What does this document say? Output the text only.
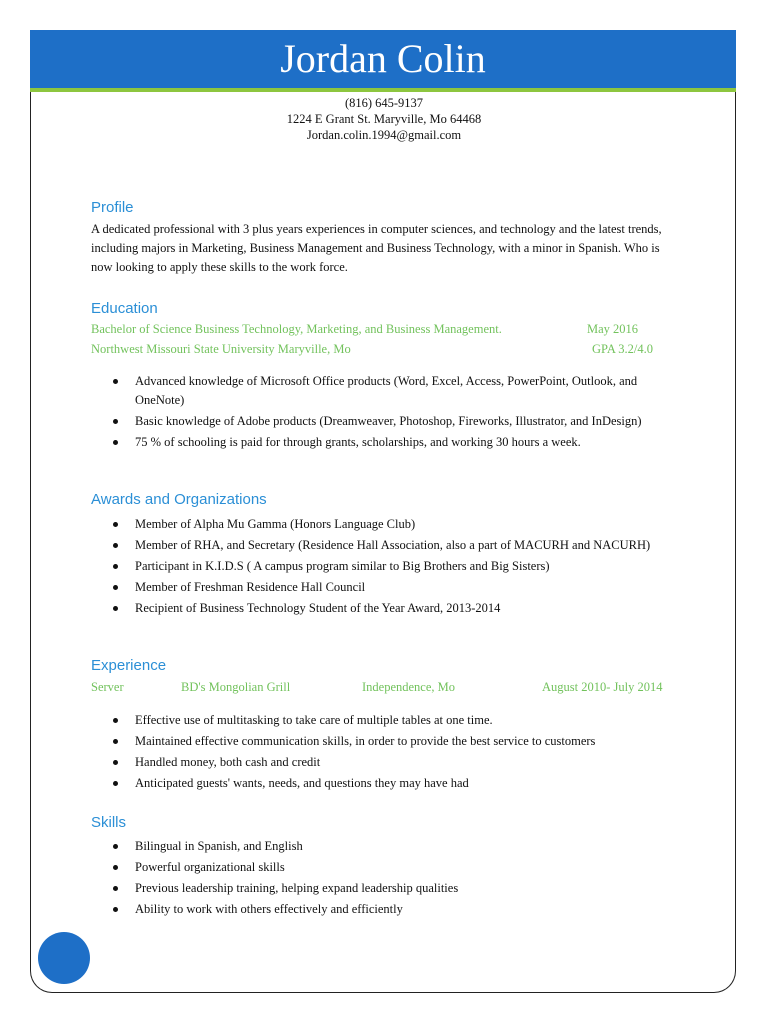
Jordan Colin
(816) 645-9137
1224 E Grant St. Maryville, Mo 64468
Jordan.colin.1994@gmail.com
Profile
A dedicated professional with 3 plus years experiences in computer sciences, and technology and the latest trends, including majors in Marketing, Business Management and Business Technology, with a minor in Spanish. Who is now looking to apply these skills to the work force.
Education
Bachelor of Science Business Technology, Marketing, and Business Management.	May 2016
Northwest Missouri State University Maryville, Mo	GPA 3.2/4.0
Advanced knowledge of Microsoft Office products (Word, Excel, Access, PowerPoint, Outlook, and OneNote)
Basic knowledge of Adobe products (Dreamweaver, Photoshop, Fireworks, Illustrator, and InDesign)
75 % of schooling is paid for through grants, scholarships, and working 30 hours a week.
Awards and Organizations
Member of Alpha Mu Gamma (Honors Language Club)
Member of RHA, and Secretary (Residence Hall Association, also a part of MACURH and NACURH)
Participant in K.I.D.S ( A campus program similar to Big Brothers and Big Sisters)
Member of Freshman Residence Hall Council
Recipient of Business Technology Student of the Year Award, 2013-2014
Experience
Server	BD's Mongolian Grill	Independence, Mo	August 2010- July 2014
Effective use of multitasking to take care of multiple tables at one time.
Maintained effective communication skills, in order to provide the best service to customers
Handled money, both cash and credit
Anticipated guests' wants, needs, and questions they may have had
Skills
Bilingual in Spanish, and English
Powerful organizational skills
Previous leadership training, helping expand leadership qualities
Ability to work with others effectively and efficiently
